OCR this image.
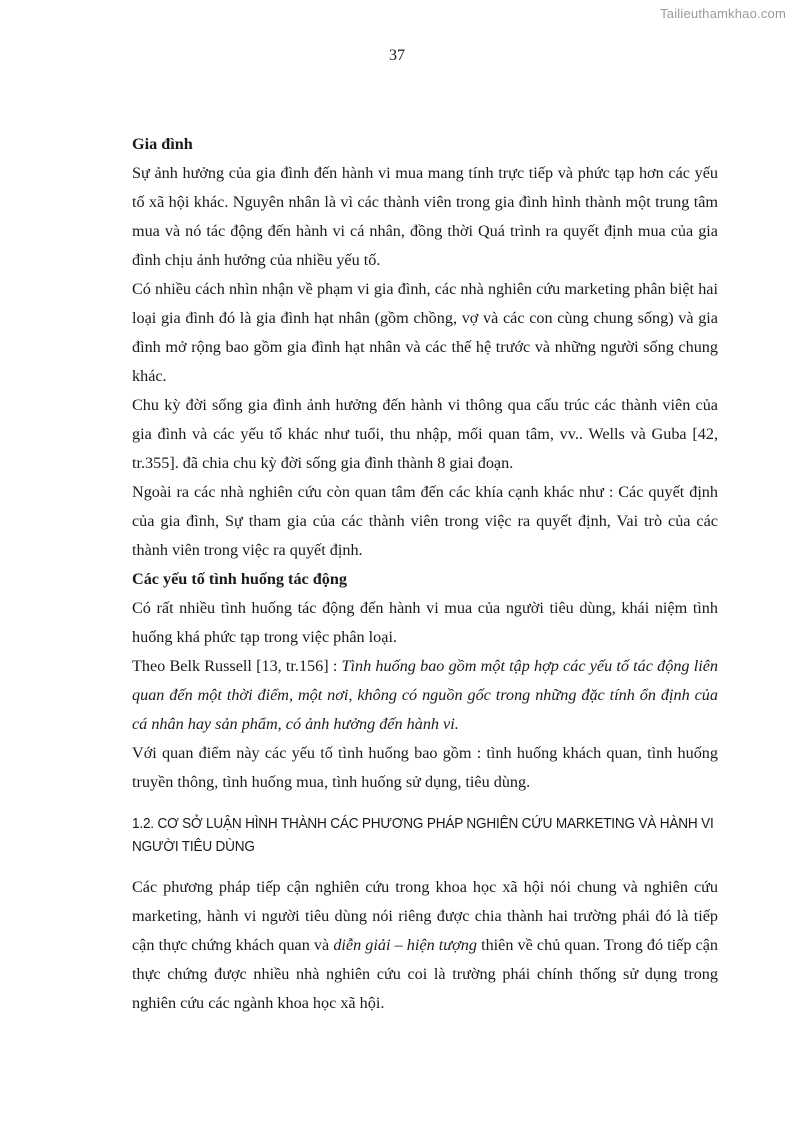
Tailieuthamkhao.com
37

Gia đình

Sự ảnh hưởng của gia đình đến hành vi mua mang tính trực tiếp và phức tạp hơn các yếu tố xã hội khác. Nguyên nhân là vì các thành viên trong gia đình hình thành một trung tâm mua và nó tác động đến hành vi cá nhân, đồng thời Quá trình ra quyết định mua của gia đình chịu ảnh hưởng của nhiều yếu tố.

Có nhiều cách nhìn nhận về phạm vi gia đình, các nhà nghiên cứu marketing phân biệt hai loại gia đình đó là gia đình hạt nhân (gồm chồng, vợ và các con cùng chung sống) và gia đình mở rộng bao gồm gia đình hạt nhân và các thế hệ trước và những người sống chung khác.

Chu kỳ đời sống gia đình ảnh hưởng đến hành vi thông qua cấu trúc các thành viên của gia đình và các yếu tố khác như tuổi, thu nhập, mối quan tâm, vv.. Wells và Guba [42, tr.355]. đã chia chu kỳ đời sống gia đình thành 8 giai đoạn.

Ngoài ra các nhà nghiên cứu còn quan tâm đến các khía cạnh khác như : Các quyết định của gia đình, Sự tham gia của các thành viên trong việc ra quyết định, Vai trò của các thành viên trong việc ra quyết định.

Các yếu tố tình huống tác động

Có rất nhiều tình huống tác động đến hành vi mua của người tiêu dùng, khái niệm tình huống khá phức tạp trong việc phân loại.

Theo Belk Russell [13, tr.156] : Tình huống bao gồm một tập hợp các yếu tố tác động liên quan đến một thời điểm, một nơi, không có nguồn gốc trong những đặc tính ổn định của cá nhân hay sản phẩm, có ảnh hưởng đến hành vi.

Với quan điểm này các yếu tố tình huống bao gồm : tình huống khách quan, tình huống truyền thông, tình huống mua, tình huống sử dụng, tiêu dùng.

1.2. CƠ SỞ LUẬN HÌNH THÀNH CÁC PHƯƠNG PHÁP NGHIÊN CỨU MARKETING VÀ HÀNH VI NGƯỜI TIÊU DÙNG

Các phương pháp tiếp cận nghiên cứu trong khoa học xã hội nói chung và nghiên cứu marketing, hành vi người tiêu dùng nói riêng được chia thành hai trường phái đó là tiếp cận thực chứng khách quan và diễn giải – hiện tượng thiên về chủ quan. Trong đó tiếp cận thực chứng được nhiều nhà nghiên cứu coi là trường phái chính thống sử dụng trong nghiên cứu các ngành khoa học xã hội.
